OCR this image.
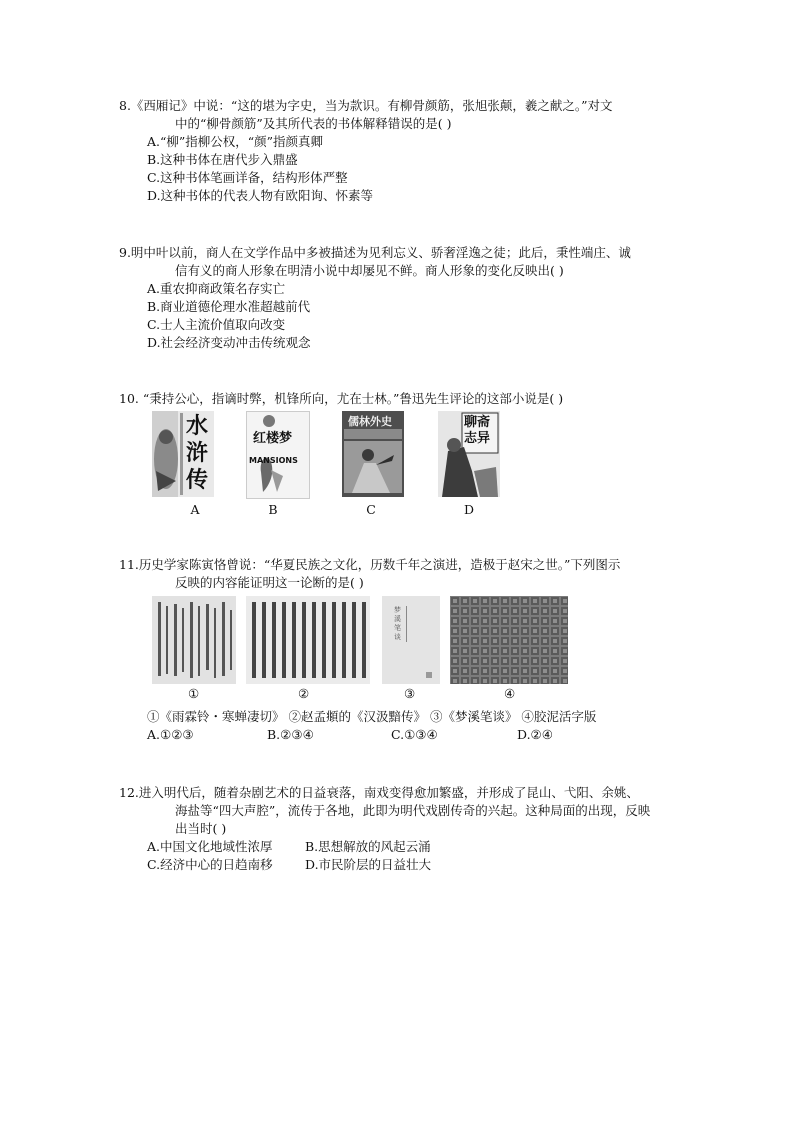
8.《西厢记》中说：“这的堪为字史，当为款识。有柳骨颜筋，张旭张颠，羲之献之。”对文
中的“柳骨颜筋”及其所代表的书体解释错误的是( )

A.“柳”指柳公权，“颜”指颜真卿

B.这种书体在唐代步入鼎盛

C.这种书体笔画详备，结构形体严整

D.这种书体的代表人物有欧阳询、怀素等

9.明中叶以前，商人在文学作品中多被描述为见利忘义、骄奢淫逸之徒；此后，秉性端庄、诚
信有义的商人形象在明清小说中却屡见不鲜。商人形象的变化反映出( )

A.重农抑商政策名存实亡

B.商业道德伦理水准超越前代

C.士人主流价值取向改变

D.社会经济变动冲击传统观念

10. “秉持公心，指谪时弊，机锋所向，尤在士林。”鲁迅先生评论的这部小说是( )

水浒传
A
红楼梦
MANSIONS
B
儒林外史
C
聊斋志异
D

11.历史学家陈寅恪曾说：“华夏民族之文化，历数千年之演进，造极于赵宋之世。”下列图示
反映的内容能证明这一论断的是( )

①	②
梦溪笔谈
③	④

①《雨霖铃・寒蝉凄切》 ②赵孟頫的《汉汲黯传》 ③《梦溪笔谈》 ④胶泥活字版

A.①②③	B.②③④	C.①③④	D.②④

12.进入明代后，随着杂剧艺术的日益衰落，南戏变得愈加繁盛，并形成了昆山、弋阳、余姚、
海盐等“四大声腔”，流传于各地，此即为明代戏剧传奇的兴起。这种局面的出现，反映
出当时( )

A.中国文化地域性浓厚	B.思想解放的风起云涌

C.经济中心的日趋南移	D.市民阶层的日益壮大
